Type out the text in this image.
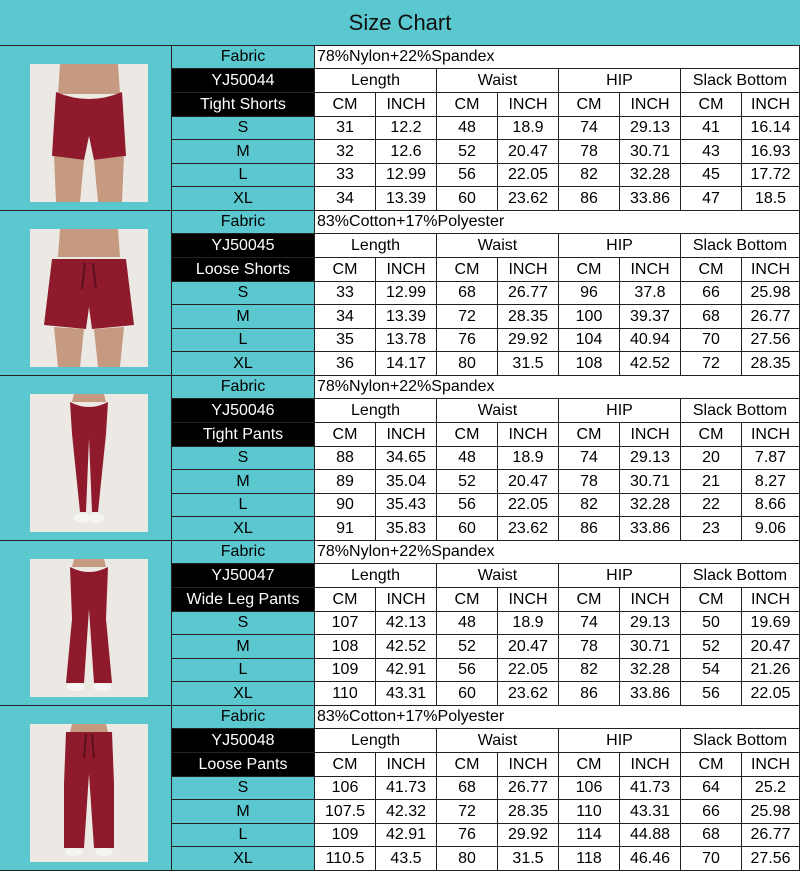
Size Chart
Fabric	78%Nylon+22%Spandex
YJ50044	Length	Waist	HIP	Slack Bottom
Tight Shorts	CM	INCH	CM	INCH	CM	INCH	CM	INCH
S	31	12.2	48	18.9	74	29.13	41	16.14
M	32	12.6	52	20.47	78	30.71	43	16.93
L	33	12.99	56	22.05	82	32.28	45	17.72
XL	34	13.39	60	23.62	86	33.86	47	18.5
Fabric	83%Cotton+17%Polyester
YJ50045	Length	Waist	HIP	Slack Bottom
Loose Shorts	CM	INCH	CM	INCH	CM	INCH	CM	INCH
S	33	12.99	68	26.77	96	37.8	66	25.98
M	34	13.39	72	28.35	100	39.37	68	26.77
L	35	13.78	76	29.92	104	40.94	70	27.56
XL	36	14.17	80	31.5	108	42.52	72	28.35
Fabric	78%Nylon+22%Spandex
YJ50046	Length	Waist	HIP	Slack Bottom
Tight Pants	CM	INCH	CM	INCH	CM	INCH	CM	INCH
S	88	34.65	48	18.9	74	29.13	20	7.87
M	89	35.04	52	20.47	78	30.71	21	8.27
L	90	35.43	56	22.05	82	32.28	22	8.66
XL	91	35.83	60	23.62	86	33.86	23	9.06
Fabric	78%Nylon+22%Spandex
YJ50047	Length	Waist	HIP	Slack Bottom
Wide Leg Pants	CM	INCH	CM	INCH	CM	INCH	CM	INCH
S	107	42.13	48	18.9	74	29.13	50	19.69
M	108	42.52	52	20.47	78	30.71	52	20.47
L	109	42.91	56	22.05	82	32.28	54	21.26
XL	110	43.31	60	23.62	86	33.86	56	22.05
Fabric	83%Cotton+17%Polyester
YJ50048	Length	Waist	HIP	Slack Bottom
Loose Pants	CM	INCH	CM	INCH	CM	INCH	CM	INCH
S	106	41.73	68	26.77	106	41.73	64	25.2
M	107.5	42.32	72	28.35	110	43.31	66	25.98
L	109	42.91	76	29.92	114	44.88	68	26.77
XL	110.5	43.5	80	31.5	118	46.46	70	27.56
